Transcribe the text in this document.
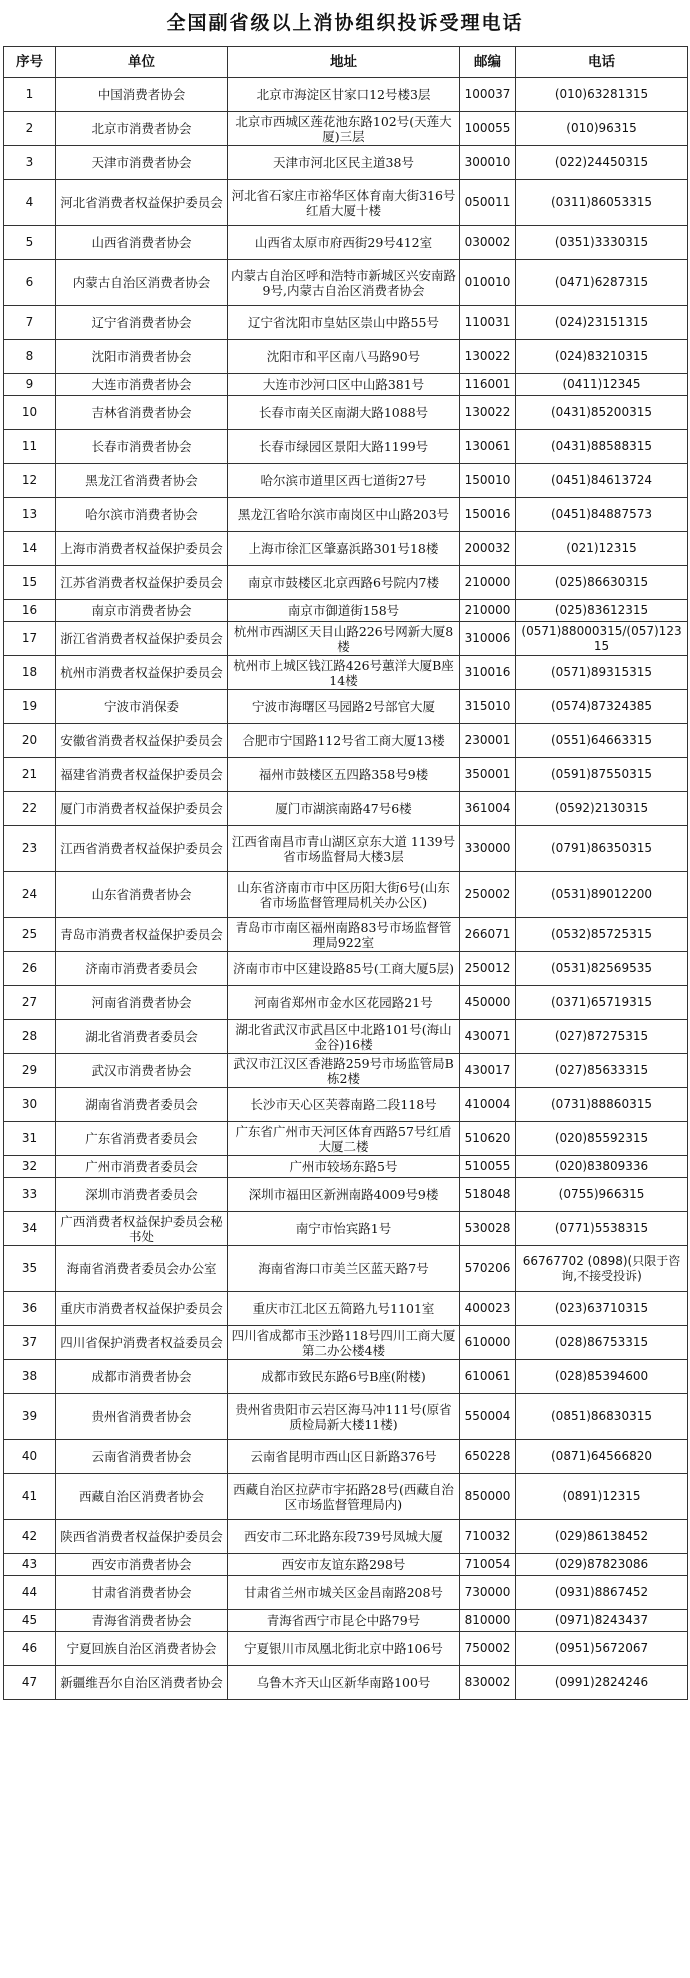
全国副省级以上消协组织投诉受理电话
序号	单位	地址	邮编	电话
1	中国消费者协会	北京市海淀区甘家口12号楼3层	100037	(010)63281315
2	北京市消费者协会	北京市西城区莲花池东路102号(天莲大厦)三层	100055	(010)96315
3	天津市消费者协会	天津市河北区民主道38号	300010	(022)24450315
4	河北省消费者权益保护委员会	河北省石家庄市裕华区体育南大街316号红盾大厦十楼	050011	(0311)86053315
5	山西省消费者协会	山西省太原市府西街29号412室	030002	(0351)3330315
6	内蒙古自治区消费者协会	内蒙古自治区呼和浩特市新城区兴安南路9号,内蒙古自治区消费者协会	010010	(0471)6287315
7	辽宁省消费者协会	辽宁省沈阳市皇姑区崇山中路55号	110031	(024)23151315
8	沈阳市消费者协会	沈阳市和平区南八马路90号	130022	(024)83210315
9	大连市消费者协会	大连市沙河口区中山路381号	116001	(0411)12345
10	吉林省消费者协会	长春市南关区南湖大路1088号	130022	(0431)85200315
11	长春市消费者协会	长春市绿园区景阳大路1199号	130061	(0431)88588315
12	黑龙江省消费者协会	哈尔滨市道里区西七道街27号	150010	(0451)84613724
13	哈尔滨市消费者协会	黑龙江省哈尔滨市南岗区中山路203号	150016	(0451)84887573
14	上海市消费者权益保护委员会	上海市徐汇区肇嘉浜路301号18楼	200032	(021)12315
15	江苏省消费者权益保护委员会	南京市鼓楼区北京西路6号院内7楼	210000	(025)86630315
16	南京市消费者协会	南京市御道街158号	210000	(025)83612315
17	浙江省消费者权益保护委员会	杭州市西湖区天目山路226号网新大厦8楼	310006	(0571)88000315/(057)12315
18	杭州市消费者权益保护委员会	杭州市上城区钱江路426号蕙洋大厦B座14楼	310016	(0571)89315315
19	宁波市消保委	宁波市海曙区马园路2号部官大厦	315010	(0574)87324385
20	安徽省消费者权益保护委员会	合肥市宁国路112号省工商大厦13楼	230001	(0551)64663315
21	福建省消费者权益保护委员会	福州市鼓楼区五四路358号9楼	350001	(0591)87550315
22	厦门市消费者权益保护委员会	厦门市湖滨南路47号6楼	361004	(0592)2130315
23	江西省消费者权益保护委员会	江西省南昌市青山湖区京东大道 1139号省市场监督局大楼3层	330000	(0791)86350315
24	山东省消费者协会	山东省济南市市中区历阳大街6号(山东省市场监督管理局机关办公区)	250002	(0531)89012200
25	青岛市消费者权益保护委员会	青岛市市南区福州南路83号市场监督管理局922室	266071	(0532)85725315
26	济南市消费者委员会	济南市市中区建设路85号(工商大厦5层)	250012	(0531)82569535
27	河南省消费者协会	河南省郑州市金水区花园路21号	450000	(0371)65719315
28	湖北省消费者委员会	湖北省武汉市武昌区中北路101号(海山金谷)16楼	430071	(027)87275315
29	武汉市消费者协会	武汉市江汉区香港路259号市场监管局B栋2楼	430017	(027)85633315
30	湖南省消费者委员会	长沙市天心区芙蓉南路二段118号	410004	(0731)88860315
31	广东省消费者委员会	广东省广州市天河区体育西路57号红盾大厦二楼	510620	(020)85592315
32	广州市消费者委员会	广州市较场东路5号	510055	(020)83809336
33	深圳市消费者委员会	深圳市福田区新洲南路4009号9楼	518048	(0755)966315
34	广西消费者权益保护委员会秘书处	南宁市怡宾路1号	530028	(0771)5538315
35	海南省消费者委员会办公室	海南省海口市美兰区蓝天路7号	570206	66767702 (0898)(只限于咨询,不接受投诉)
36	重庆市消费者权益保护委员会	重庆市江北区五简路九号1101室	400023	(023)63710315
37	四川省保护消费者权益委员会	四川省成都市玉沙路118号四川工商大厦第二办公楼4楼	610000	(028)86753315
38	成都市消费者协会	成都市致民东路6号B座(附楼)	610061	(028)85394600
39	贵州省消费者协会	贵州省贵阳市云岩区海马冲111号(原省质检局新大楼11楼)	550004	(0851)86830315
40	云南省消费者协会	云南省昆明市西山区日新路376号	650228	(0871)64566820
41	西藏自治区消费者协会	西藏自治区拉萨市宇拓路28号(西藏自治区市场监督管理局内)	850000	(0891)12315
42	陕西省消费者权益保护委员会	西安市二环北路东段739号凤城大厦	710032	(029)86138452
43	西安市消费者协会	西安市友谊东路298号	710054	(029)87823086
44	甘肃省消费者协会	甘肃省兰州市城关区金昌南路208号	730000	(0931)8867452
45	青海省消费者协会	青海省西宁市昆仑中路79号	810000	(0971)8243437
46	宁夏回族自治区消费者协会	宁夏银川市凤凰北街北京中路106号	750002	(0951)5672067
47	新疆维吾尔自治区消费者协会	乌鲁木齐天山区新华南路100号	830002	(0991)2824246
